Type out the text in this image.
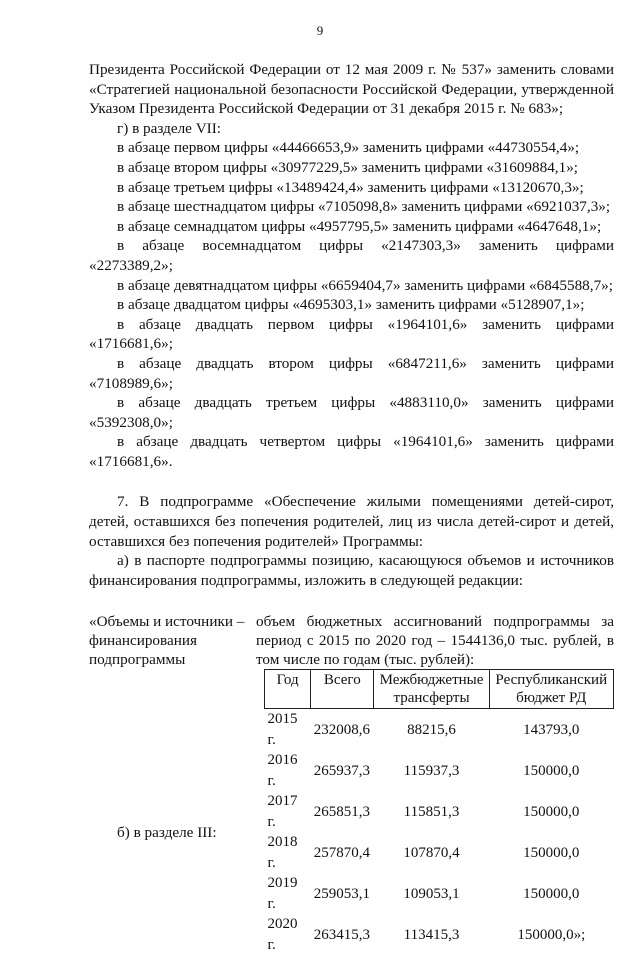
9

Президента Российской Федерации от 12 мая 2009 г. № 537» заменить словами «Стратегией национальной безопасности Российской Федерации, утвержденной Указом Президента Российской Федерации от 31 декабря 2015 г. № 683»;

г) в разделе VII:

в абзаце первом цифры «44466653,9» заменить цифрами «44730554,4»;

в абзаце втором цифры «30977229,5» заменить цифрами «31609884,1»;

в абзаце третьем цифры «13489424,4» заменить цифрами «13120670,3»;

в абзаце шестнадцатом цифры «7105098,8» заменить цифрами «6921037,3»;

в абзаце семнадцатом цифры «4957795,5» заменить цифрами «4647648,1»;

в абзаце восемнадцатом цифры «2147303,3» заменить цифрами «2273389,2»;

в абзаце девятнадцатом цифры «6659404,7» заменить цифрами «6845588,7»;

в абзаце двадцатом цифры «4695303,1» заменить цифрами «5128907,1»;

в абзаце двадцать первом цифры «1964101,6» заменить цифрами «1716681,6»;

в абзаце двадцать втором цифры «6847211,6» заменить цифрами «7108989,6»;

в абзаце двадцать третьем цифры «4883110,0» заменить цифрами «5392308,0»;

в абзаце двадцать четвертом цифры «1964101,6» заменить цифрами «1716681,6».

7. В подпрограмме «Обеспечение жилыми помещениями детей-сирот, детей, оставшихся без попечения родителей, лиц из числа детей-сирот и детей, оставшихся без попечения родителей» Программы:

а) в паспорте подпрограммы позицию, касающуюся объемов и источников финансирования подпрограммы, изложить в следующей редакции:

«Объемы и источники – финансирования подпрограммы
объем бюджетных ассигнований подпрограммы за период с 2015 по 2020 год – 1544136,0 тыс. рублей, в том числе по годам (тыс. рублей):
Год	Всего	Межбюджетные трансферты	Республиканский бюджет РД
2015 г.	232008,6	88215,6	143793,0
2016 г.	265937,3	115937,3	150000,0
2017 г.	265851,3	115851,3	150000,0
2018 г.	257870,4	107870,4	150000,0
2019 г.	259053,1	109053,1	150000,0
2020 г.	263415,3	113415,3	150000,0»;
б) в разделе III:
